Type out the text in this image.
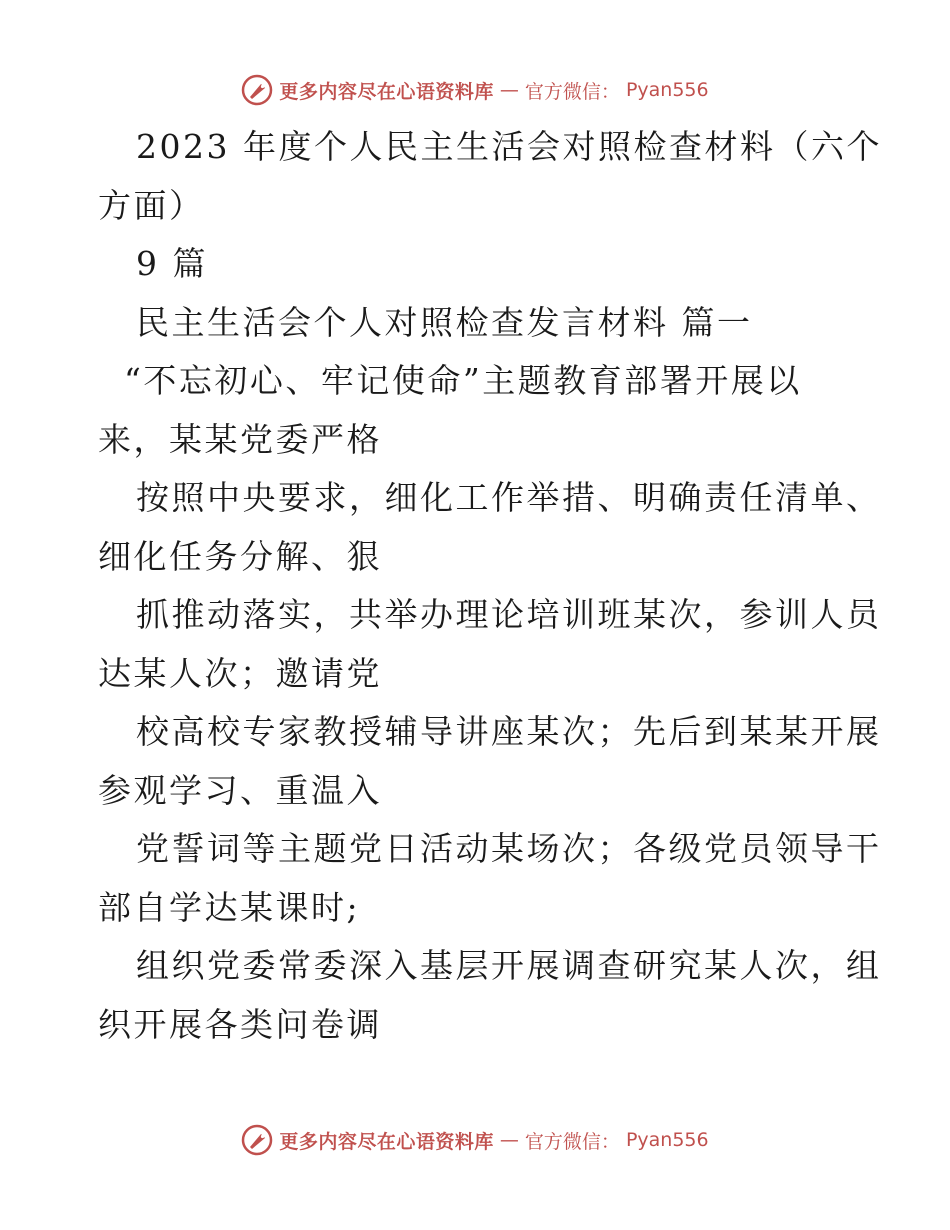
更多内容尽在心语资料库 — 官方微信： Pyan556
2023 年度个人民主生活会对照检查材料（六个
方面）
9 篇
民主生活会个人对照检查发言材料 篇一
“不忘初心、牢记使命”主题教育部署开展以
来，某某党委严格
按照中央要求，细化工作举措、明确责任清单、
细化任务分解、狠
抓推动落实，共举办理论培训班某次，参训人员
达某人次；邀请党
校高校专家教授辅导讲座某次；先后到某某开展
参观学习、重温入
党誓词等主题党日活动某场次；各级党员领导干
部自学达某课时;
组织党委常委深入基层开展调查研究某人次，组
织开展各类问卷调
更多内容尽在心语资料库 — 官方微信： Pyan556
